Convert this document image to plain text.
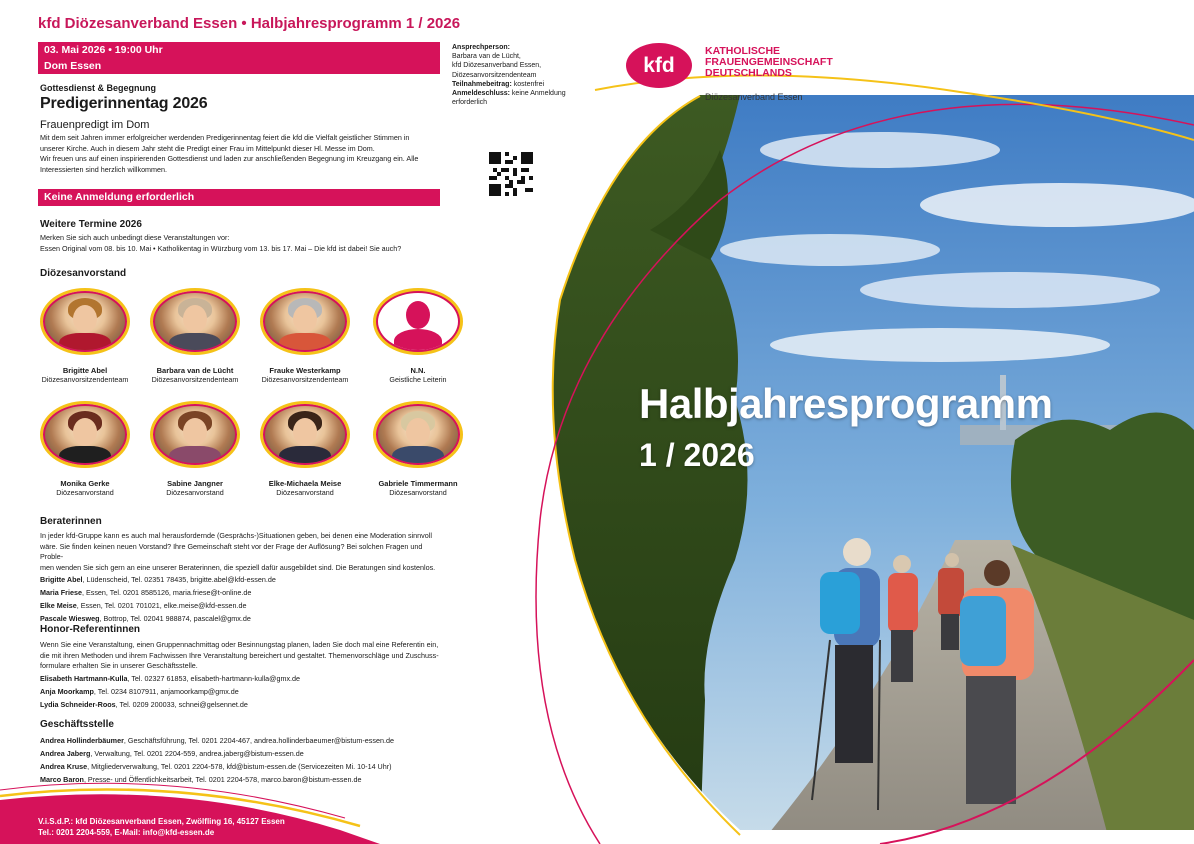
kfd Diözesanverband Essen • Halbjahresprogramm 1 / 2026
03. Mai 2026 • 19:00 Uhr
Dom Essen
Gottesdienst & Begegnung
Predigerinnentag 2026
Frauenpredigt im Dom
Mit dem seit Jahren immer erfolgreicher werdenden Predigerinnentag feiert die kfd die Vielfalt geistlicher Stimmen in
unserer Kirche. Auch in diesem Jahr steht die Predigt einer Frau im Mittelpunkt dieser Hl. Messe im Dom.
Wir freuen uns auf einen inspirierenden Gottesdienst und laden zur anschließenden Begegnung im Kreuzgang ein. Alle
Interessierten sind herzlich willkommen.
Keine Anmeldung erforderlich
Ansprechperson:
Barbara van de Lücht,
kfd Diözesanverband Essen,
Diözesanvorsitzendenteam
Teilnahmebeitrag: kostenfrei
Anmeldeschluss: keine Anmeldung
erforderlich
Weitere Termine 2026
Merken Sie sich auch unbedingt diese Veranstaltungen vor:
Essen Original vom 08. bis 10. Mai • Katholikentag in Würzburg vom 13. bis 17. Mai – Die kfd ist dabei! Sie auch?
Diözesanvorstand
Brigitte Abel
Diözesanvorsitzendenteam
Barbara van de Lücht
Diözesanvorsitzendenteam
Frauke Westerkamp
Diözesanvorsitzendenteam
N.N.
Geistliche Leiterin
Monika Gerke
Diözesanvorstand
Sabine Jangner
Diözesanvorstand
Elke-Michaela Meise
Diözesanvorstand
Gabriele Timmermann
Diözesanvorstand
Beraterinnen
In jeder kfd-Gruppe kann es auch mal herausfordernde (Gesprächs-)Situationen geben, bei denen eine Moderation sinnvoll
wäre. Sie finden keinen neuen Vorstand? Ihre Gemeinschaft steht vor der Frage der Auflösung? Bei solchen Fragen und Proble-
men wenden Sie sich gern an eine unserer Beraterinnen, die speziell dafür ausgebildet sind. Die Beratungen sind kostenlos.
Brigitte Abel, Lüdenscheid, Tel. 02351 78435, brigitte.abel@kfd-essen.de
Maria Friese, Essen, Tel. 0201 8585126, maria.friese@t-online.de
Elke Meise, Essen, Tel. 0201 701021, elke.meise@kfd-essen.de
Pascale Wiesweg, Bottrop, Tel. 02041 988874, pascalel@gmx.de
Honor-Referentinnen
Wenn Sie eine Veranstaltung, einen Gruppennachmittag oder Besinnungstag planen, laden Sie doch mal eine Referentin ein,
die mit ihren Methoden und ihrem Fachwissen Ihre Veranstaltung bereichert und gestaltet. Themenvorschläge und Zuschuss-
formulare erhalten Sie in unserer Geschäftsstelle.
Elisabeth Hartmann-Kulla, Tel. 02327 61853, elisabeth-hartmann-kulla@gmx.de
Anja Moorkamp, Tel. 0234 8107911, anjamoorkamp@gmx.de
Lydia Schneider-Roos, Tel. 0209 200033, schnei@gelsennet.de
Geschäftsstelle
Andrea Hollinderbäumer, Geschäftsführung, Tel. 0201 2204-467, andrea.hollinderbaeumer@bistum-essen.de
Andrea Jaberg, Verwaltung, Tel. 0201 2204-559, andrea.jaberg@bistum-essen.de
Andrea Kruse, Mitgliederverwaltung, Tel. 0201 2204-578, kfd@bistum-essen.de (Servicezeiten Mi. 10-14 Uhr)
Marco Baron, Presse- und Öffentlichkeitsarbeit, Tel. 0201 2204-578, marco.baron@bistum-essen.de
V.i.S.d.P.: kfd Diözesanverband Essen, Zwölfling 16, 45127 Essen
Tel.: 0201 2204-559, E-Mail: info@kfd-essen.de
kfd
KATHOLISCHE
FRAUENGEMEINSCHAFT
DEUTSCHLANDS
Diözesanverband Essen
Halbjahresprogramm
1 / 2026
